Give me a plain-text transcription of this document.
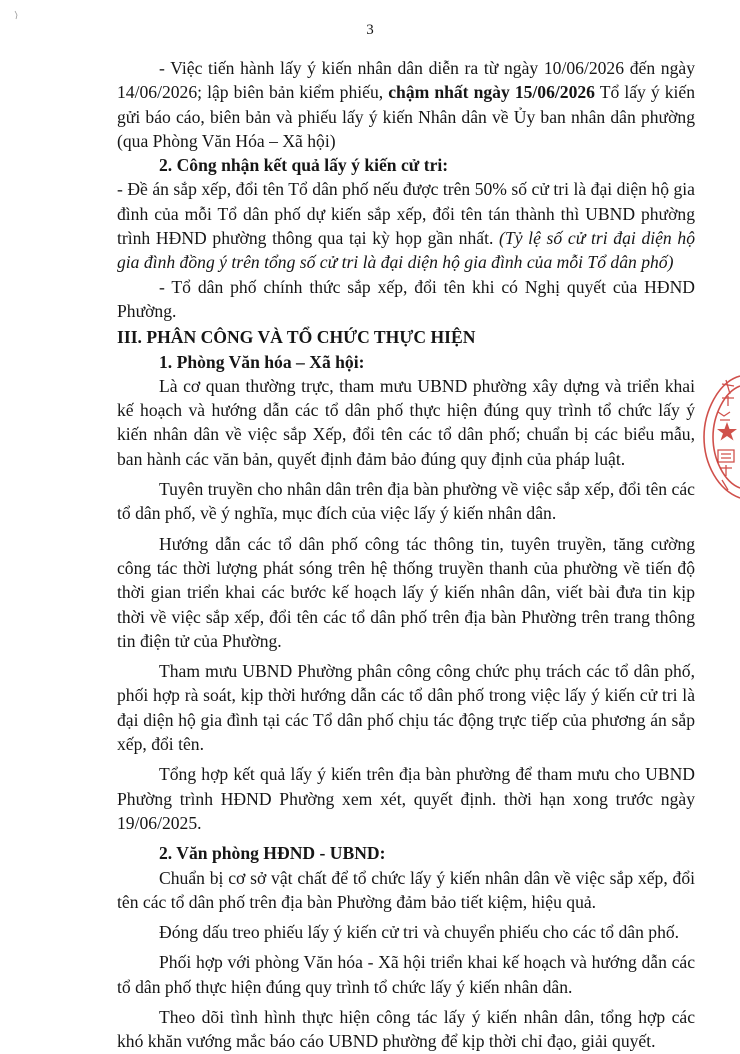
3

- Việc tiến hành lấy ý kiến nhân dân diễn ra từ ngày 10/06/2026 đến ngày 14/06/2026; lập biên bản kiểm phiếu, chậm nhất ngày 15/06/2026 Tổ lấy ý kiến gửi báo cáo, biên bản và phiếu lấy ý kiến Nhân dân về Ủy ban nhân dân phường (qua Phòng Văn Hóa – Xã hội)

2. Công nhận kết quả lấy ý kiến cử tri:

- Đề án sắp xếp, đổi tên Tổ dân phố nếu được trên 50% số cử tri là đại diện hộ gia đình của mỗi Tổ dân phố dự kiến sắp xếp, đổi tên tán thành thì UBND phường trình HĐND phường thông qua tại kỳ họp gần nhất. (Tỷ lệ số cử tri đại diện hộ gia đình đồng ý trên tổng số cử tri là đại diện hộ gia đình của mỗi Tổ dân phố)

- Tổ dân phố chính thức sắp xếp, đổi tên khi có Nghị quyết của HĐND Phường.

III. PHÂN CÔNG VÀ TỔ CHỨC THỰC HIỆN

1. Phòng Văn hóa – Xã hội:

Là cơ quan thường trực, tham mưu UBND phường xây dựng và triển khai kế hoạch và hướng dẫn các tổ dân phố thực hiện đúng quy trình tổ chức lấy ý kiến nhân dân về việc sắp Xếp, đổi tên các tổ dân phố; chuẩn bị các biểu mẫu, ban hành các văn bản, quyết định đảm bảo đúng quy định của pháp luật.

Tuyên truyền cho nhân dân trên địa bàn phường về việc sắp xếp, đổi tên các tổ dân phố, về ý nghĩa, mục đích của việc lấy ý kiến nhân dân.

Hướng dẫn các tổ dân phố công tác thông tin, tuyên truyền, tăng cường công tác thời lượng phát sóng trên hệ thống truyền thanh của phường về tiến độ thời gian triển khai các bước kế hoạch lấy ý kiến nhân dân, viết bài đưa tin kịp thời về việc sắp xếp, đổi tên các tổ dân phố trên địa bàn Phường trên trang thông tin điện tử của Phường.

Tham mưu UBND Phường phân công công chức phụ trách các tổ dân phố, phối hợp rà soát, kịp thời hướng dẫn các tổ dân phố trong việc lấy ý kiến cử tri là đại diện hộ gia đình tại các Tổ dân phố chịu tác động trực tiếp của phương án sắp xếp, đổi tên.

Tổng hợp kết quả lấy ý kiến trên địa bàn phường để tham mưu cho UBND Phường trình HĐND Phường xem xét, quyết định. thời hạn xong trước ngày 19/06/2025.

2. Văn phòng HĐND - UBND:

Chuẩn bị cơ sở vật chất để tổ chức lấy ý kiến nhân dân về việc sắp xếp, đổi tên các tổ dân phố trên địa bàn Phường đảm bảo tiết kiệm, hiệu quả.

Đóng dấu treo phiếu lấy ý kiến cử tri và chuyển phiếu cho các tổ dân phố.

Phối hợp với phòng Văn hóa - Xã hội triển khai kế hoạch và hướng dẫn các tổ dân phố thực hiện đúng quy trình tổ chức lấy ý kiến nhân dân.

Theo dõi tình hình thực hiện công tác lấy ý kiến nhân dân, tổng hợp các khó khăn vướng mắc báo cáo UBND phường để kịp thời chỉ đạo, giải quyết.
